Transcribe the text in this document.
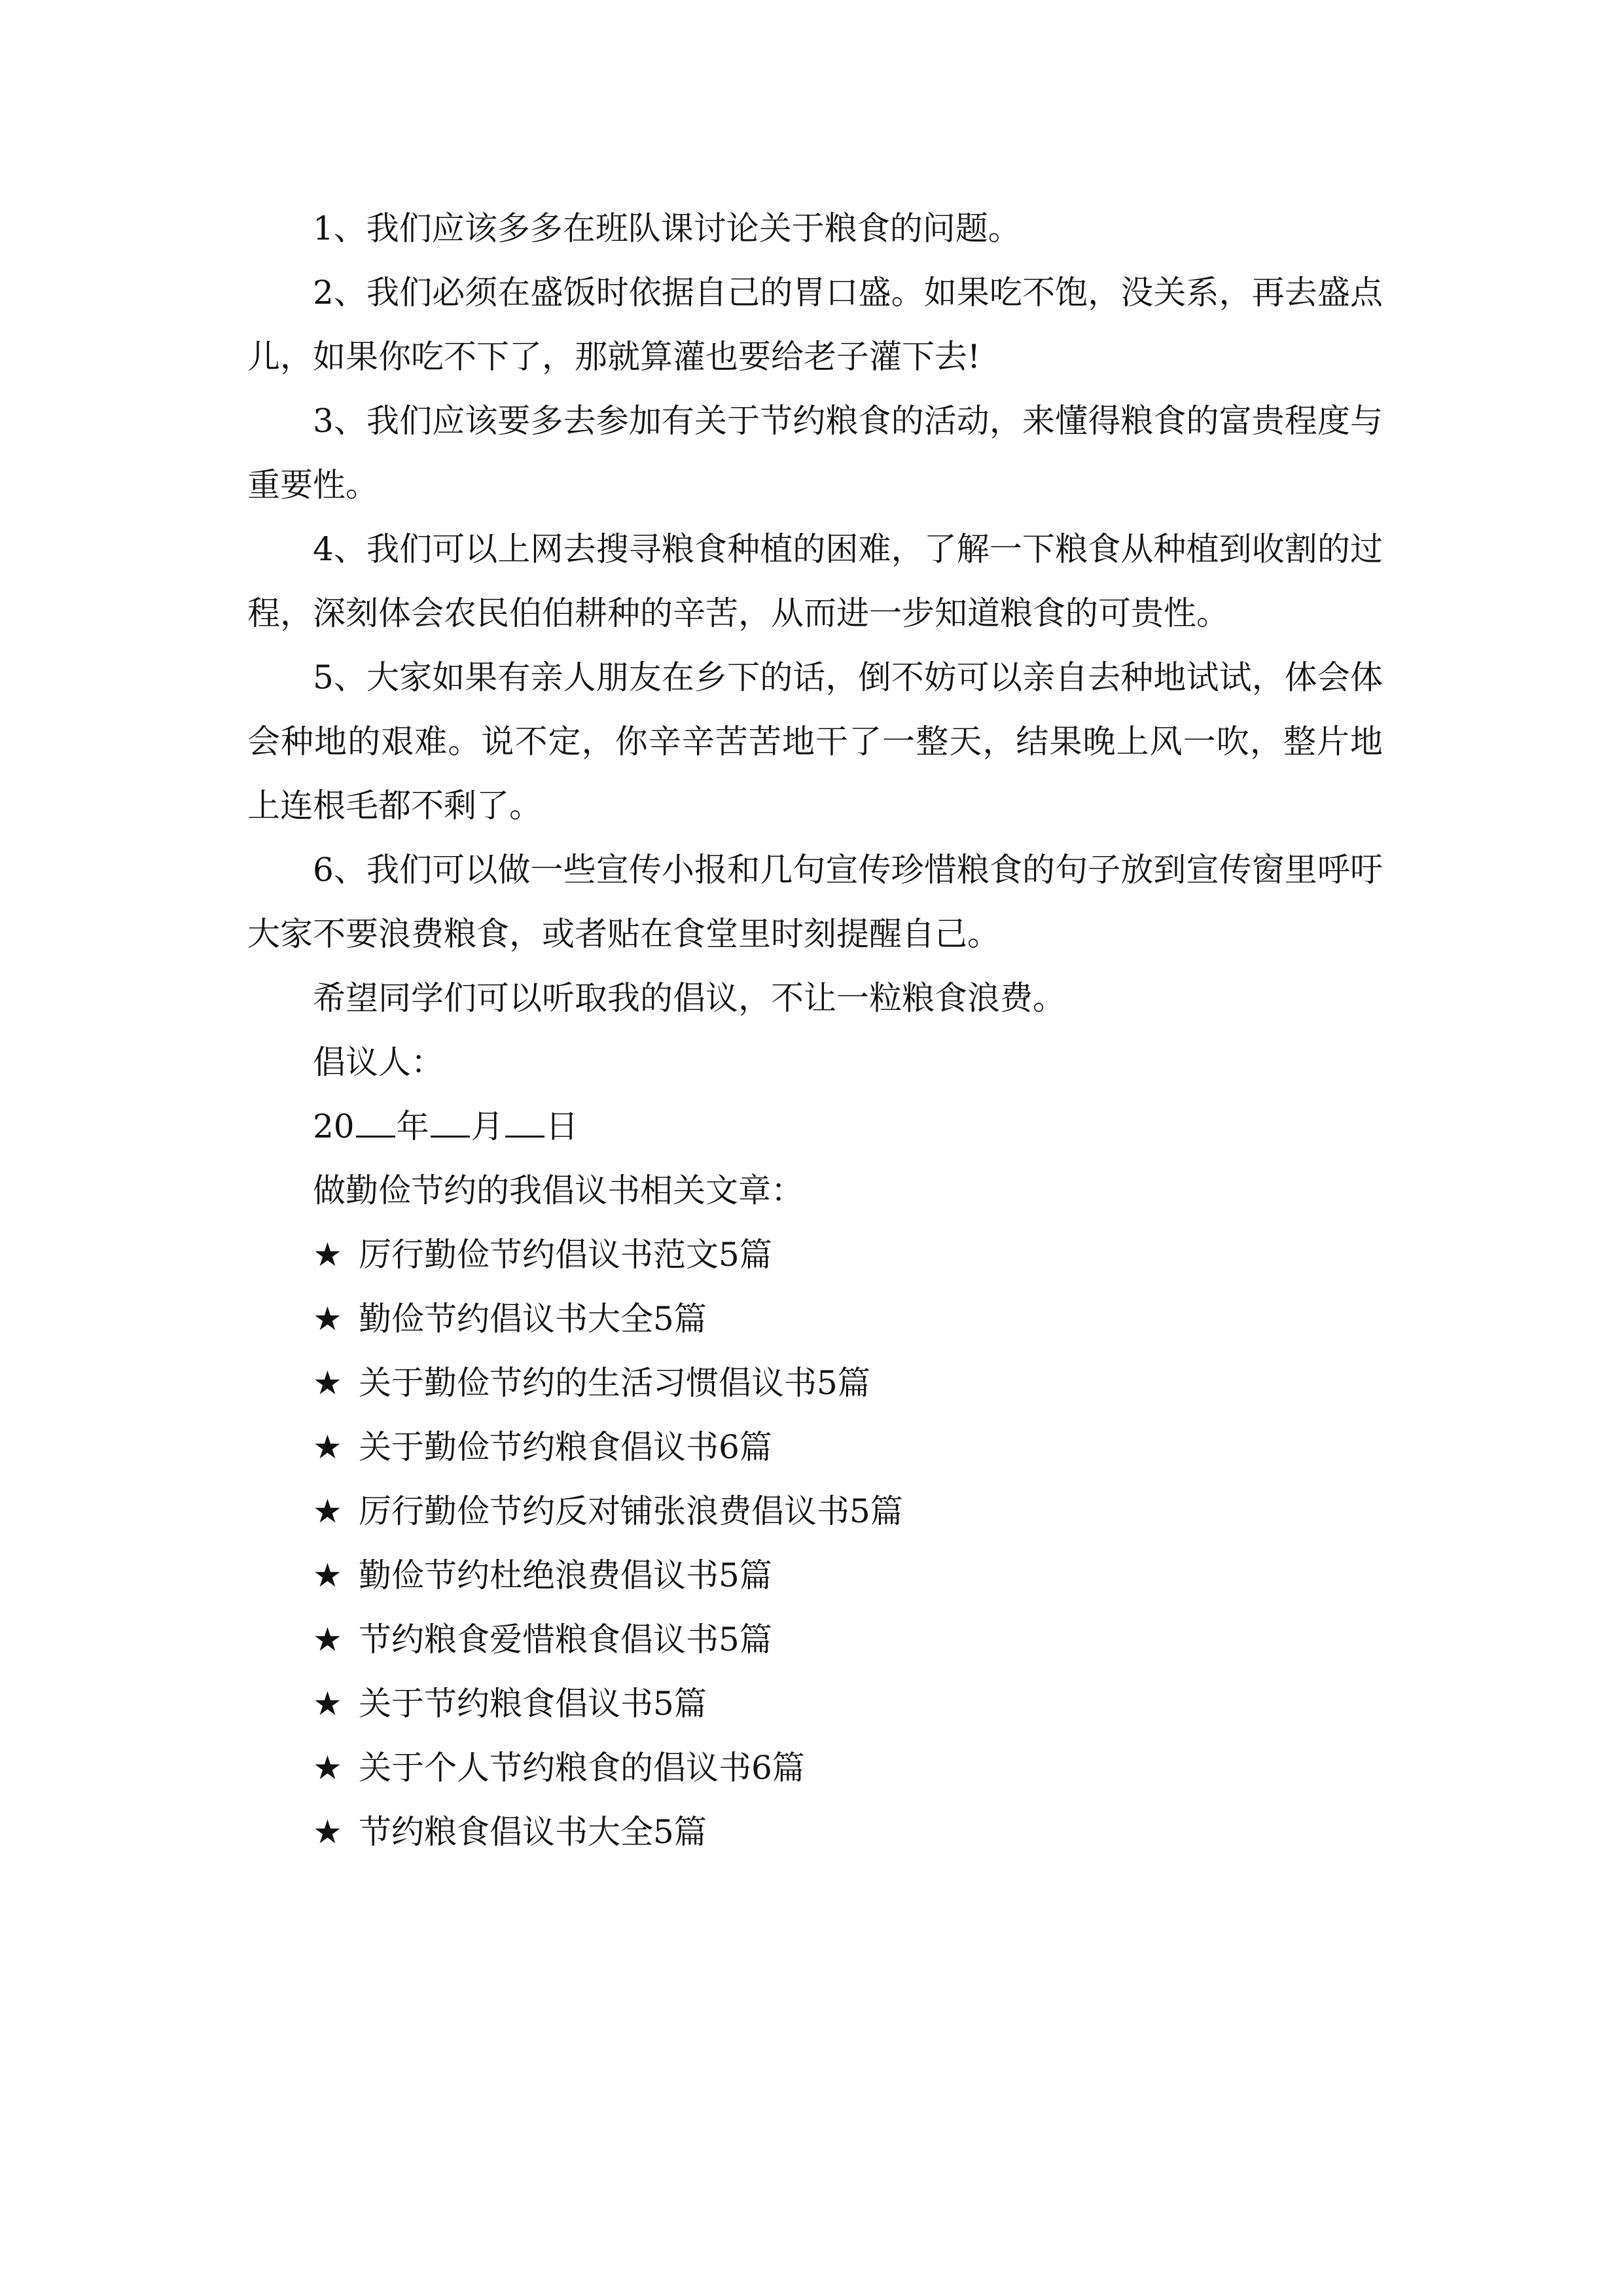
1、我们应该多多在班队课讨论关于粮食的问题。

2、我们必须在盛饭时依据自己的胃口盛。如果吃不饱，没关系，再去盛点儿，如果你吃不下了，那就算灌也要给老子灌下去!

3、我们应该要多去参加有关于节约粮食的活动，来懂得粮食的富贵程度与重要性。

4、我们可以上网去搜寻粮食种植的困难，了解一下粮食从种植到收割的过程，深刻体会农民伯伯耕种的辛苦，从而进一步知道粮食的可贵性。

5、大家如果有亲人朋友在乡下的话，倒不妨可以亲自去种地试试，体会体会种地的艰难。说不定，你辛辛苦苦地干了一整天，结果晚上风一吹，整片地上连根毛都不剩了。

6、我们可以做一些宣传小报和几句宣传珍惜粮食的句子放到宣传窗里呼吁大家不要浪费粮食，或者贴在食堂里时刻提醒自己。

希望同学们可以听取我的倡议，不让一粒粮食浪费。

倡议人：

20 年 月 日

做勤俭节约的我倡议书相关文章：

★ 厉行勤俭节约倡议书范文5篇
★ 勤俭节约倡议书大全5篇
★ 关于勤俭节约的生活习惯倡议书5篇
★ 关于勤俭节约粮食倡议书6篇
★ 厉行勤俭节约反对铺张浪费倡议书5篇
★ 勤俭节约杜绝浪费倡议书5篇
★ 节约粮食爱惜粮食倡议书5篇
★ 关于节约粮食倡议书5篇
★ 关于个人节约粮食的倡议书6篇
★ 节约粮食倡议书大全5篇
